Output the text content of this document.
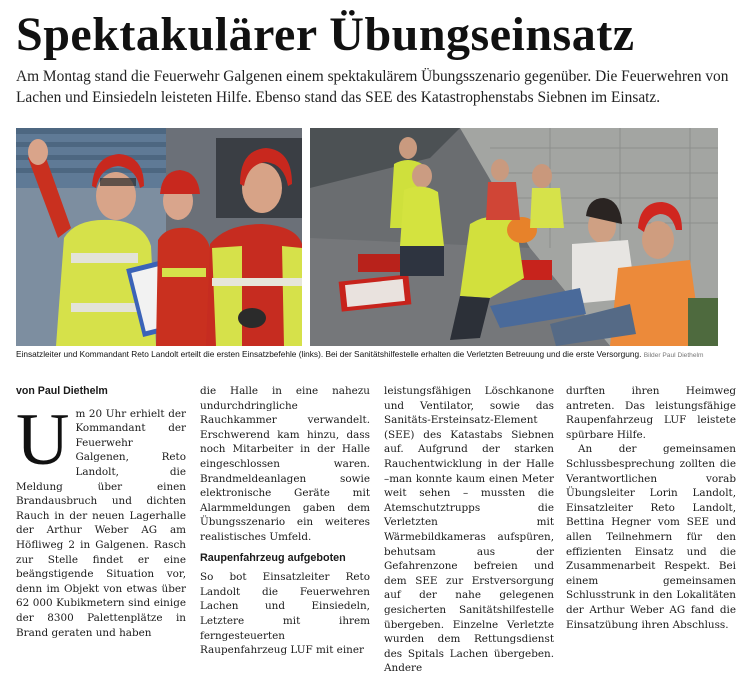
Spektakulärer Übungseinsatz

Am Montag stand die Feuerwehr Galgenen einem spektakulärem Übungsszenario gegenüber. Die Feuerwehren von Lachen und Einsiedeln leisteten Hilfe. Ebenso stand das SEE des Katastrophenstabs Siebnen im Einsatz.

Einsatzleiter und Kommandant Reto Landolt erteilt die ersten Einsatzbefehle (links). Bei der Sanitätshilfestelle erhalten die Verletzten Betreuung und die erste Versorgung. Bilder Paul Diethelm

von Paul Diethelm
U m 20 Uhr erhielt der Kommandant der Feuerwehr Galgenen, Reto Landolt, die Meldung über einen Brandausbruch und dichten Rauch in der neuen Lagerhalle der Arthur Weber AG am Höfliweg 2 in Galgenen. Rasch zur Stelle findet er eine beängstigende Situation vor, denn im Objekt von etwas über 62 000 Kubikmetern sind einige der 8300 Palettenplätze in Brand geraten und haben

die Halle in eine nahezu undurchdringliche Rauchkammer verwandelt. Erschwerend kam hinzu, dass noch Mitarbeiter in der Halle eingeschlossen waren. Brandmeldeanlagen sowie elektronische Geräte mit Alarmmeldungen gaben dem Übungsszenario ein weiteres realistisches Umfeld.

Raupenfahrzeug aufgeboten

So bot Einsatzleiter Reto Landolt die Feuerwehren Lachen und Einsiedeln, Letztere mit ihrem ferngesteuerten Raupenfahrzeug LUF mit einer

leistungsfähigen Löschkanone und Ventilator, sowie das Sanitäts-Ersteinsatz-Element (SEE) des Katastabs Siebnen auf. Aufgrund der starken Rauchentwicklung in der Halle –man konnte kaum einen Meter weit sehen – mussten die Atemschutztrupps die Verletzten mit Wärmebildkameras aufspüren, behutsam aus der Gefahrenzone befreien und dem SEE zur Erstversorgung auf der nahe gelegenen gesicherten Sanitätshilfestelle übergeben. Einzelne Verletzte wurden dem Rettungsdienst des Spitals Lachen übergeben. Andere

durften ihren Heimweg antreten. Das leistungsfähige Raupenfahrzeug LUF leistete spürbare Hilfe.

An der gemeinsamen Schlussbesprechung zollten die Verantwortlichen vorab Übungsleiter Lorin Landolt, Einsatzleiter Reto Landolt, Bettina Hegner vom SEE und allen Teilnehmern für den effizienten Einsatz und die Zusammenarbeit Respekt. Bei einem gemeinsamen Schlusstrunk in den Lokalitäten der Arthur Weber AG fand die Einsatzübung ihren Abschluss.
